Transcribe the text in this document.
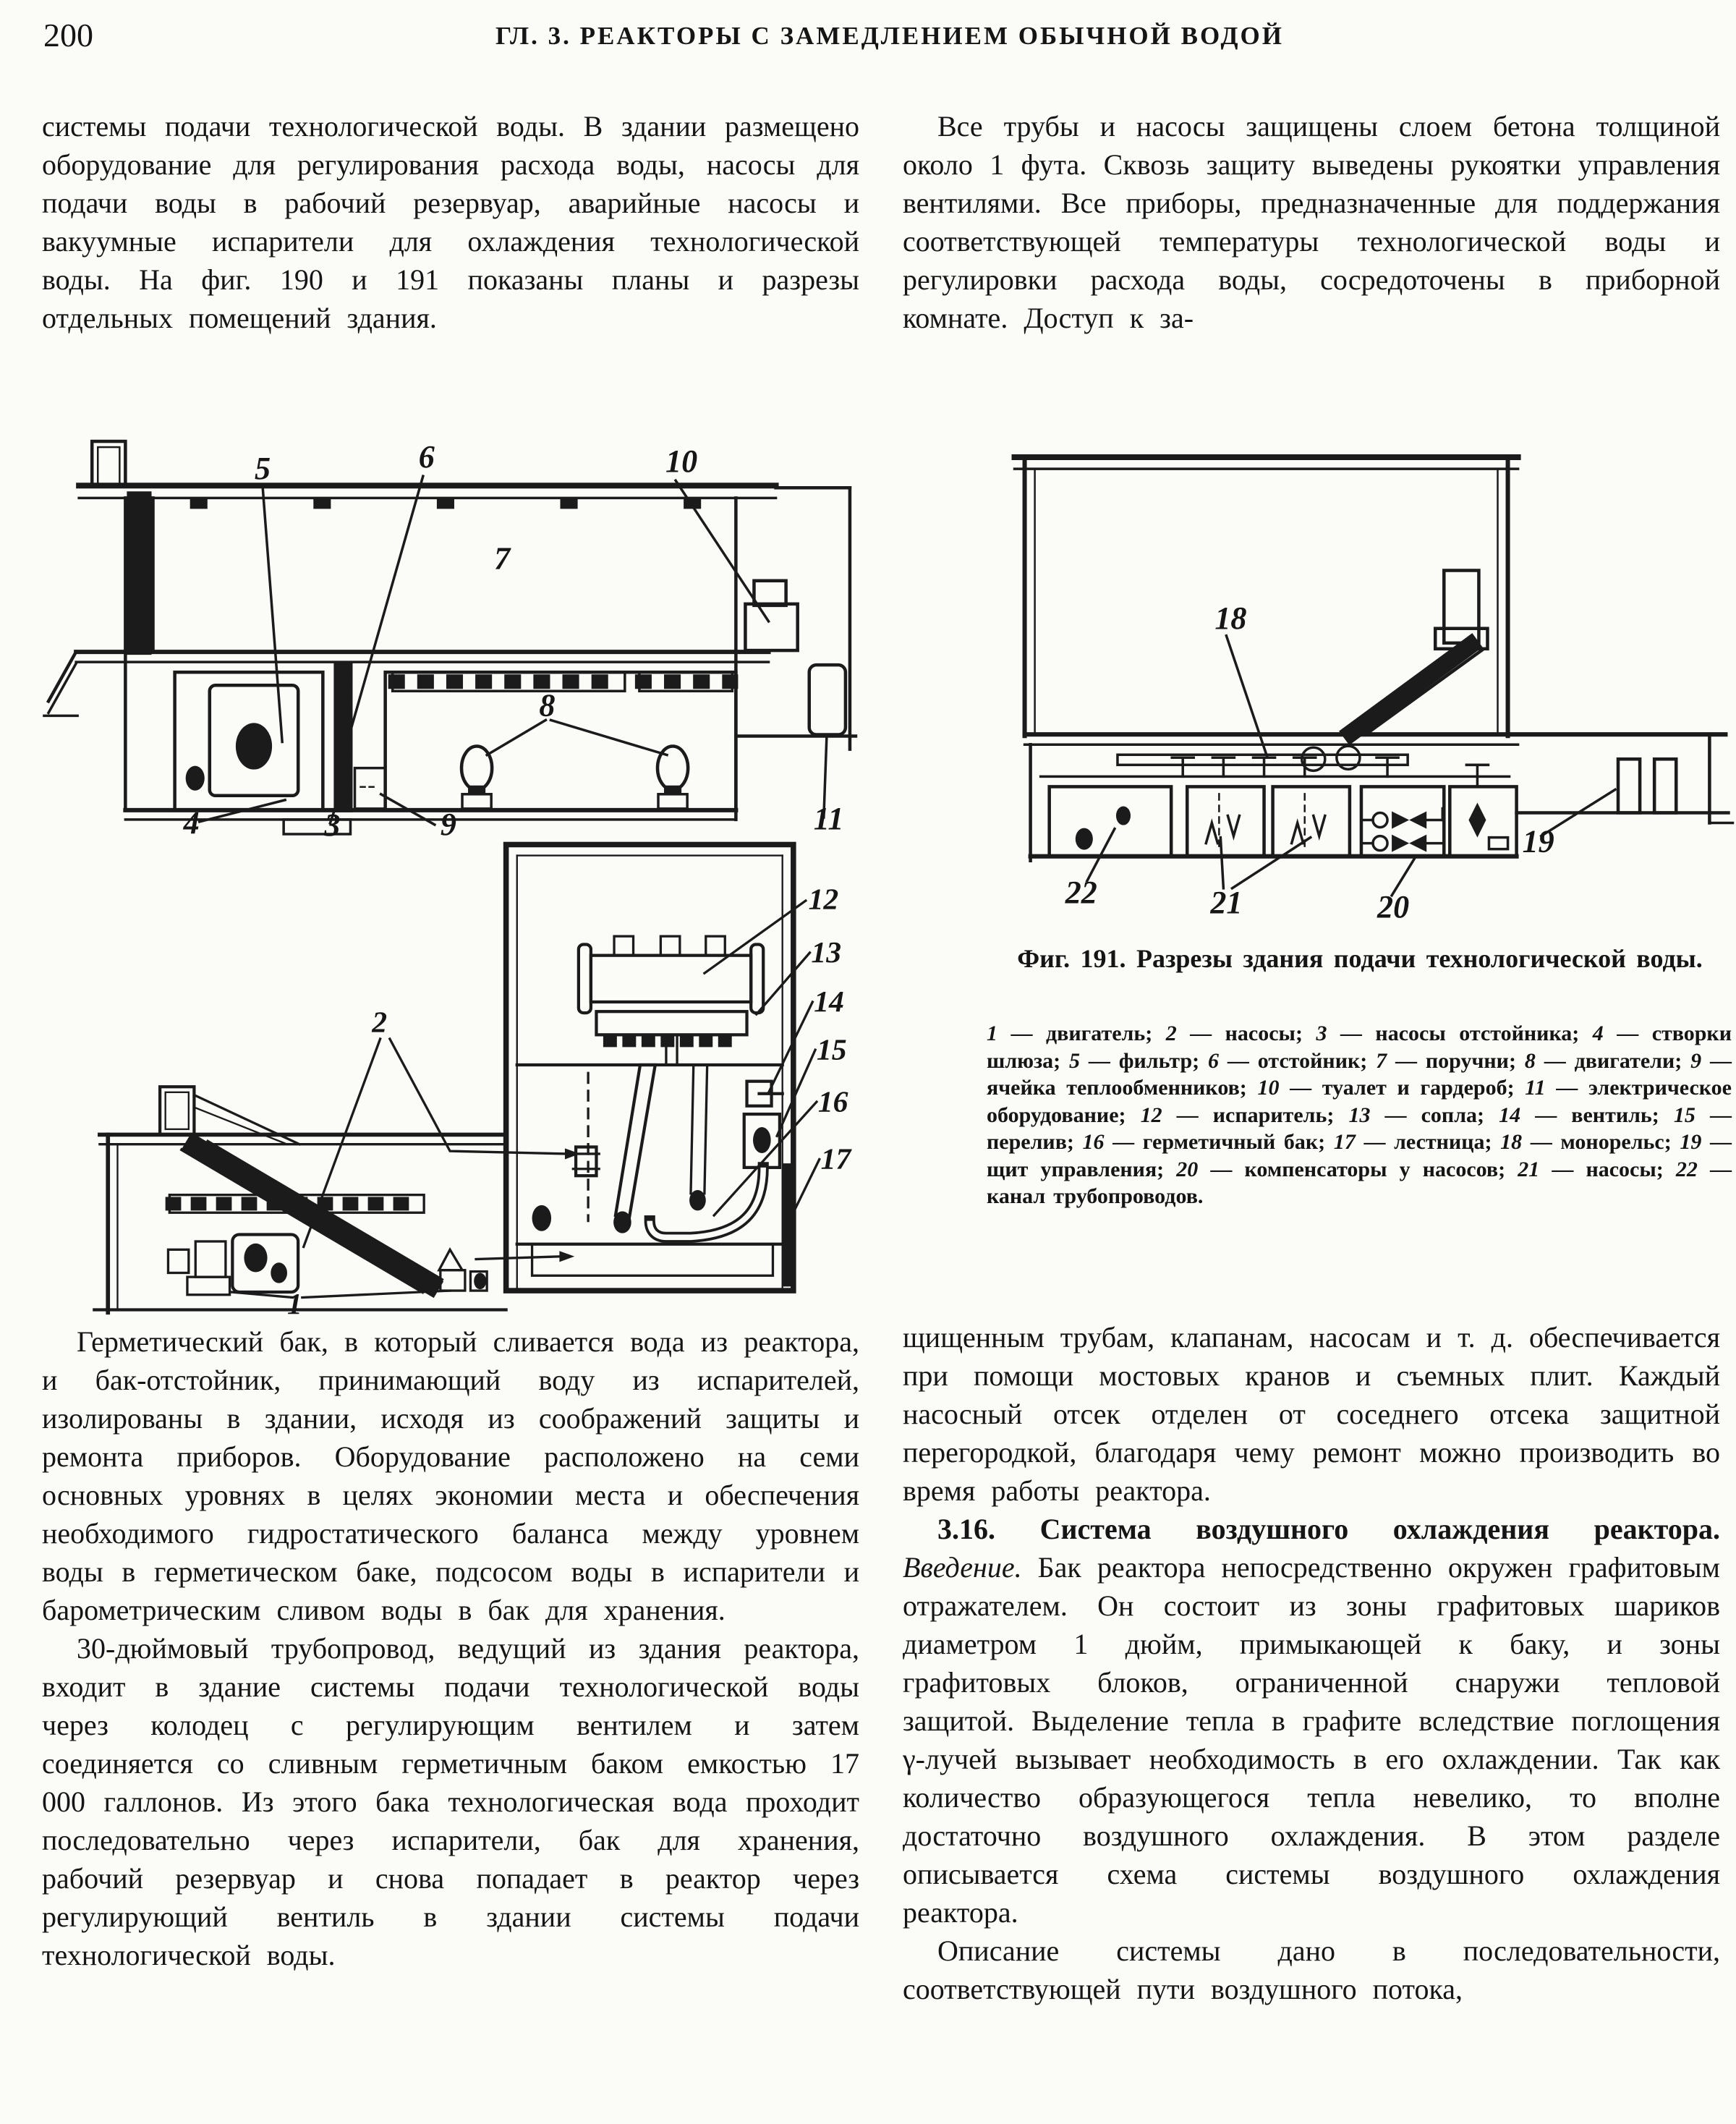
200	ГЛ. 3. РЕАКТОРЫ С ЗАМЕДЛЕНИЕМ ОБЫЧНОЙ ВОДОЙ

системы подачи технологической воды. В здании размещено оборудование для регулирования расхода воды, насосы для подачи воды в рабочий резервуар, аварийные насосы и вакуумные испарители для охлаждения технологической воды. На фиг. 190 и 191 показаны планы и разрезы отдельных помещений здания.

Все трубы и насосы защищены слоем бетона толщиной около 1 фута. Сквозь защиту выведены рукоятки управления вентилями. Все приборы, предназначенные для поддержания соответствующей температуры технологической воды и регулировки расхода воды, сосредоточены в приборной комнате. Доступ к за-

5	6	10
7
8
9
4	3	11
12
13
14
15
16
17
2
1
18
19
20
21
22
Фиг. 191. Разрезы здания подачи технологической воды.
1 — двигатель; 2 — насосы; 3 — насосы отстойника; 4 — створки шлюза; 5 — фильтр; 6 — отстойник; 7 — поручни; 8 — двигатели; 9 — ячейка теплообменников; 10 — туалет и гардероб; 11 — электрическое оборудование; 12 — испаритель; 13 — сопла; 14 — вентиль; 15 — перелив; 16 — герметичный бак; 17 — лестница; 18 — монорельс; 19 — щит управления; 20 — компенсаторы у насосов; 21 — насосы; 22 — канал трубопроводов.

Герметический бак, в который сливается вода из реактора, и бак-отстойник, принимающий воду из испарителей, изолированы в здании, исходя из соображений защиты и ремонта приборов. Оборудование расположено на семи основных уровнях в целях экономии места и обеспечения необходимого гидростатического баланса между уровнем воды в герметическом баке, подсосом воды в испарители и барометрическим сливом воды в бак для хранения.

30-дюймовый трубопровод, ведущий из здания реактора, входит в здание системы подачи технологической воды через колодец с регулирующим вентилем и затем соединяется со сливным герметичным баком емкостью 17 000 галлонов. Из этого бака технологическая вода проходит последовательно через испарители, бак для хранения, рабочий резервуар и снова попадает в реактор через регулирующий вентиль в здании системы подачи технологической воды.

щищенным трубам, клапанам, насосам и т. д. обеспечивается при помощи мостовых кранов и съемных плит. Каждый насосный отсек отделен от соседнего отсека защитной перегородкой, благодаря чему ремонт можно производить во время работы реактора.

3.16. Система воздушного охлаждения реактора. Введение. Бак реактора непосредственно окружен графитовым отражателем. Он состоит из зоны графитовых шариков диаметром 1 дюйм, примыкающей к баку, и зоны графитовых блоков, ограниченной снаружи тепловой защитой. Выделение тепла в графите вследствие поглощения γ-лучей вызывает необходимость в его охлаждении. Так как количество образующегося тепла невелико, то вполне достаточно воздушного охлаждения. В этом разделе описывается схема системы воздушного охлаждения реактора.

Описание системы дано в последовательности, соответствующей пути воздушного потока,
